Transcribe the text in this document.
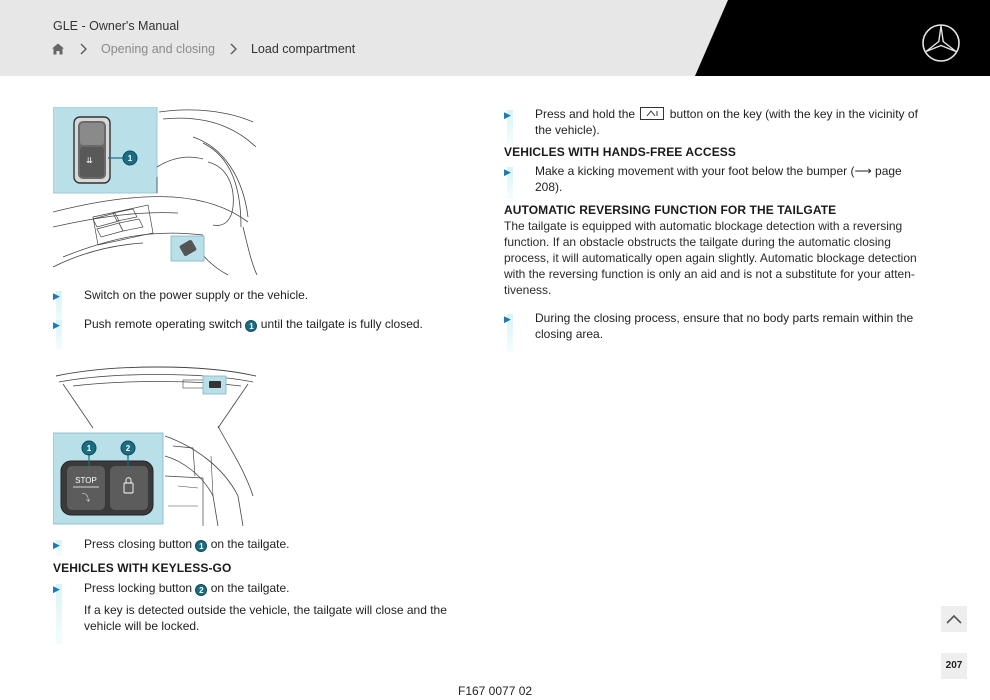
GLE - Owner's Manual
Opening and closing	Load compartment
⇊	1
▶	Switch on the power supply or the vehicle.
▶	Push remote operating switch 1 until the tailgate is fully closed.
STOP
⤵
1	2
▶	Press closing button 1 on the tailgate.
VEHICLES WITH KEYLESS-GO
▶	Press locking button 2 on the tailgate.
If a key is detected outside the vehicle, the tailgate will close and the vehicle will be locked.
▶	Press and hold the	button on the key (with the key in the vicinity of the vehicle).
VEHICLES WITH HANDS-FREE ACCESS
▶	Make a kicking movement with your foot below the bumper (⟶ page 208).
AUTOMATIC REVERSING FUNCTION FOR THE TAILGATE
The tailgate is equipped with automatic blockage detection with a reversing function. If an obstacle obstructs the tailgate during the automatic closing process, it will automatically open again slightly. Automatic blockage detection with the reversing function is only an aid and is not a substitute for your atten-tiveness.
▶	During the closing process, ensure that no body parts remain within the closing area.
F167 0077 02
207
